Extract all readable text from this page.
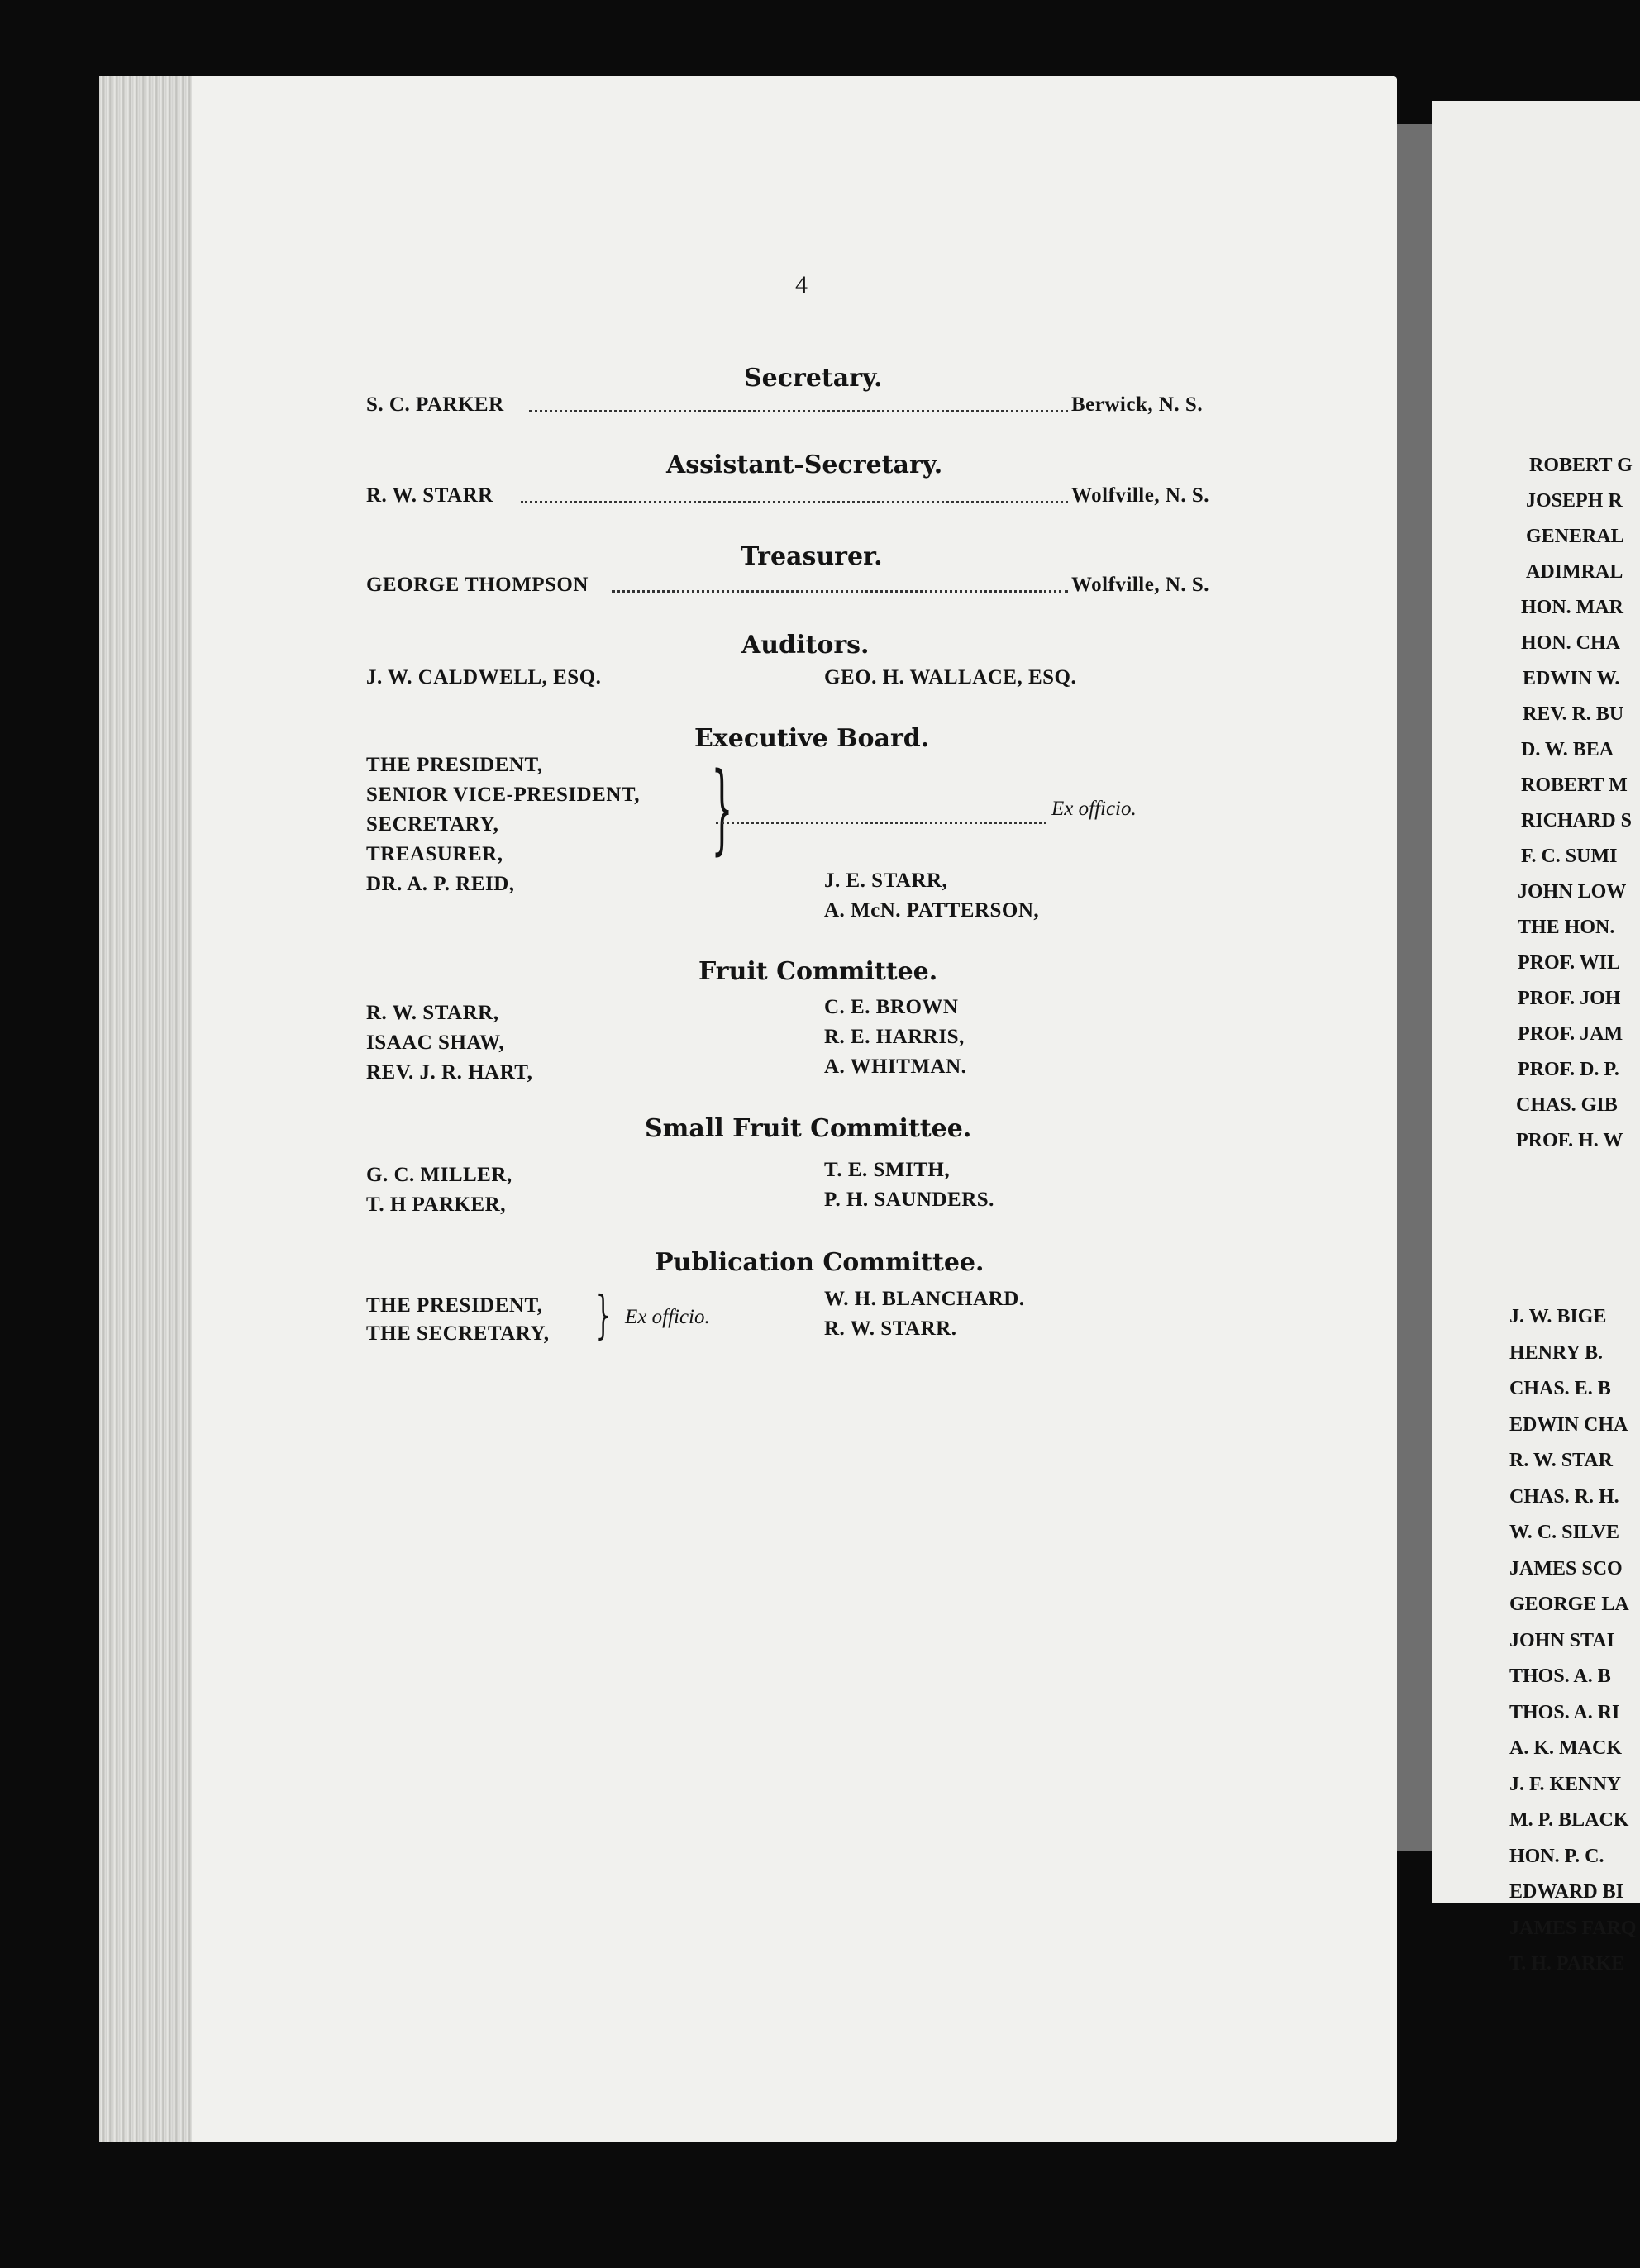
4
Secretary.
S. C. PARKER	Berwick, N. S.
Assistant-Secretary.
R. W. STARR	Wolfville, N. S.
Treasurer.
GEORGE THOMPSON	Wolfville, N. S.
Auditors.
J. W. CALDWELL, ESQ.	GEO. H. WALLACE, ESQ.
Executive Board.
THE PRESIDENT,
SENIOR VICE-PRESIDENT,
SECRETARY,
TREASURER,
DR. A. P. REID,
}	Ex officio.
J. E. STARR,
A. McN. PATTERSON,
Fruit Committee.
R. W. STARR,
ISAAC SHAW,
REV. J. R. HART,
C. E. BROWN
R. E. HARRIS,
A. WHITMAN.
Small Fruit Committee.
G. C. MILLER,
T. H PARKER,
T. E. SMITH,
P. H. SAUNDERS.
Publication Committee.
THE PRESIDENT,
THE SECRETARY, } Ex officio.
W. H. BLANCHARD.
R. W. STARR.
ROBERT G
JOSEPH R
GENERAL
ADIMRAL
HON. MAR
HON. CHA
EDWIN W.
REV. R. BU
D. W. BEA
ROBERT M
RICHARD S
F. C. SUMI
JOHN LOW
THE HON.
PROF. WIL
PROF. JOH
PROF. JAM
PROF. D. P.
CHAS. GIB
PROF. H. W
J. W. BIGE
HENRY B.
CHAS. E. B
EDWIN CHA
R. W. STAR
CHAS. R. H.
W. C. SILVE
JAMES SCO
GEORGE LA
JOHN STAI
THOS. A. B
THOS. A. RI
A. K. MACK
J. F. KENNY
M. P. BLACK
HON. P. C.
EDWARD BI
JAMES FARQ
T. H. PARKE
